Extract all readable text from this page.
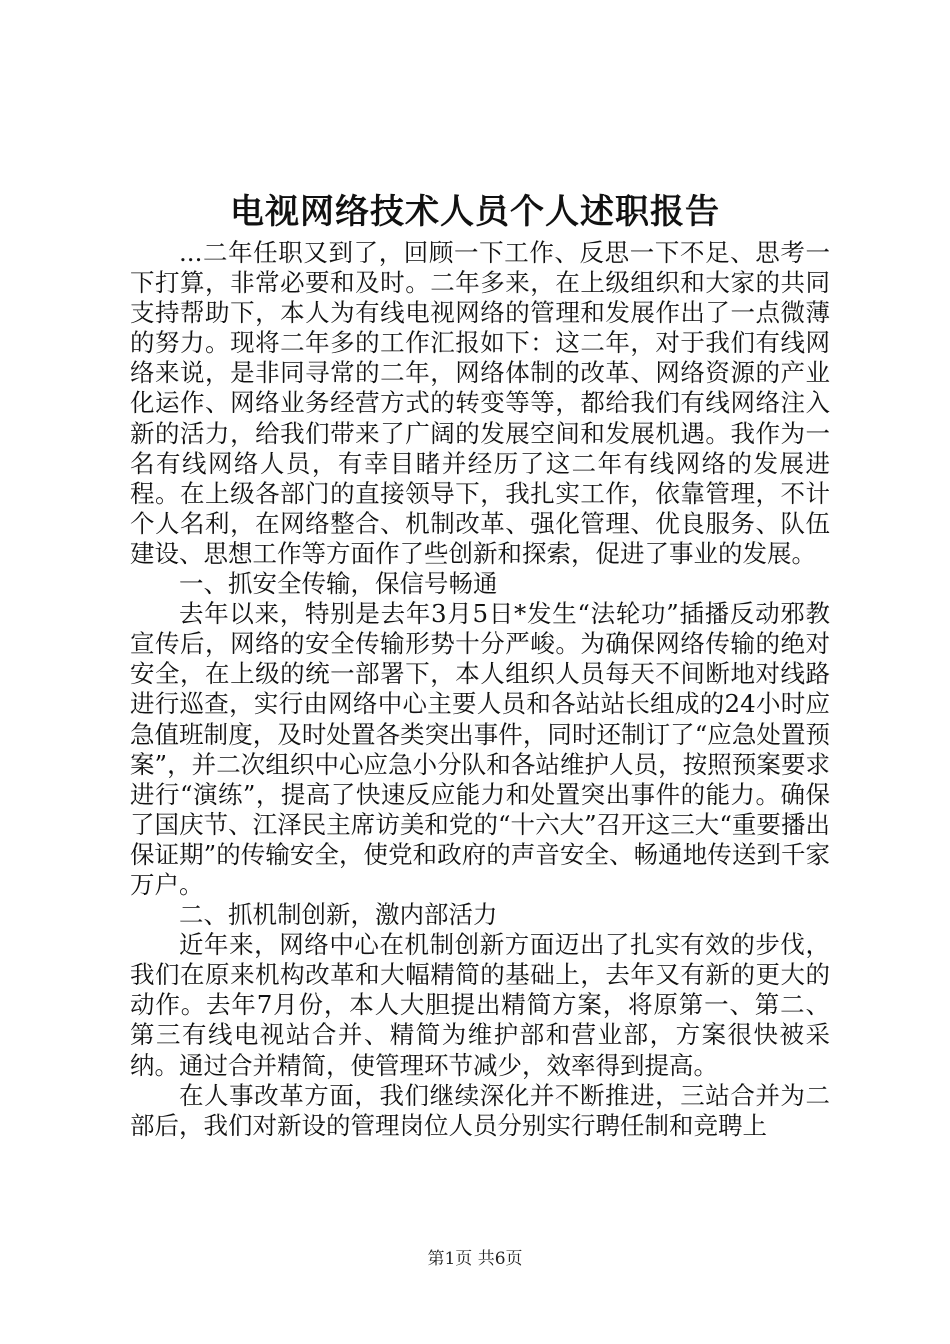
电视网络技术人员个人述职报告

...二年任职又到了，回顾一下工作、反思一下不足、思考一下打算，非常必要和及时。二年多来，在上级组织和大家的共同支持帮助下，本人为有线电视网络的管理和发展作出了一点微薄的努力。现将二年多的工作汇报如下：这二年，对于我们有线网络来说，是非同寻常的二年，网络体制的改革、网络资源的产业化运作、网络业务经营方式的转变等等，都给我们有线网络注入新的活力，给我们带来了广阔的发展空间和发展机遇。我作为一名有线网络人员，有幸目睹并经历了这二年有线网络的发展进程。在上级各部门的直接领导下，我扎实工作，依靠管理，不计个人名利，在网络整合、机制改革、强化管理、优良服务、队伍建设、思想工作等方面作了些创新和探索，促进了事业的发展。

一、抓安全传输，保信号畅通

去年以来，特别是去年3月5日*发生“法轮功”插播反动邪教宣传后，网络的安全传输形势十分严峻。为确保网络传输的绝对安全，在上级的统一部署下，本人组织人员每天不间断地对线路进行巡查，实行由网络中心主要人员和各站站长组成的24小时应急值班制度，及时处置各类突出事件，同时还制订了“应急处置预案”，并二次组织中心应急小分队和各站维护人员，按照预案要求进行“演练”，提高了快速反应能力和处置突出事件的能力。确保了国庆节、江泽民主席访美和党的“十六大”召开这三大“重要播出保证期”的传输安全，使党和政府的声音安全、畅通地传送到千家万户。

二、抓机制创新，激内部活力

近年来，网络中心在机制创新方面迈出了扎实有效的步伐，我们在原来机构改革和大幅精简的基础上，去年又有新的更大的动作。去年7月份，本人大胆提出精简方案，将原第一、第二、第三有线电视站合并、精简为维护部和营业部，方案很快被采纳。通过合并精简，使管理环节减少，效率得到提高。

在人事改革方面，我们继续深化并不断推进，三站合并为二部后，我们对新设的管理岗位人员分别实行聘任制和竞聘上

第1页 共6页
